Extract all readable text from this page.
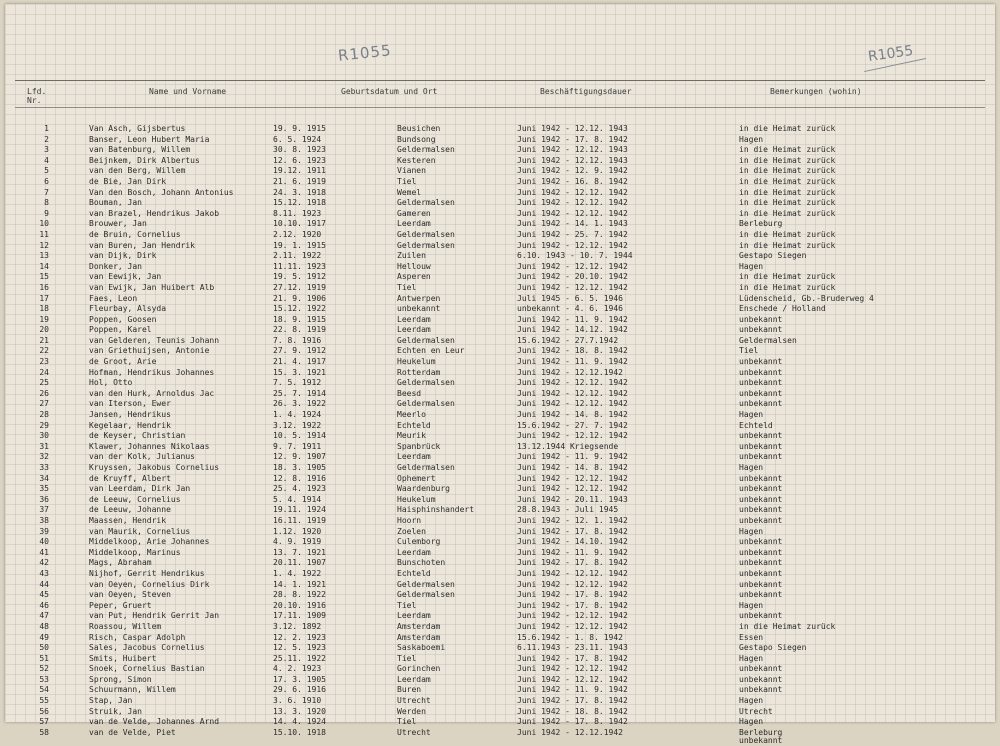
R1055	R1055
Lfd.
Nr.
Name und Vorname	Geburtsdatum und Ort	Beschäftigungsdauer	Bemerkungen (wohin)
1	Van Asch, Gijsbertus	19. 9. 1915	Beusichen	Juni 1942 - 12.12. 1943	in die Heimat zurück
2	Banser, Leon Hubert Maria	6. 5. 1924	Bundsong	Juni 1942 - 17. 8. 1942	Hagen
3	van Batenburg, Willem	30. 8. 1923	Geldermalsen	Juni 1942 - 12.12. 1943	in die Heimat zurück
4	Beijnkem, Dirk Albertus	12. 6. 1923	Kesteren	Juni 1942 - 12.12. 1943	in die Heimat zurück
5	van den Berg, Willem	19.12. 1911	Vianen	Juni 1942 - 12. 9. 1942	in die Heimat zurück
6	de Bie, Jan Dirk	21. 6. 1919	Tiel	Juni 1942 - 16. 8. 1942	in die Heimat zurück
7	Van den Bosch, Johann Antonius	24. 3. 1918	Wemel	Juni 1942 - 12.12. 1942	in die Heimat zurück
8	Bouman, Jan	15.12. 1918	Geldermalsen	Juni 1942 - 12.12. 1942	in die Heimat zurück
9	van Brazel, Hendrikus Jakob	8.11. 1923	Gameren	Juni 1942 - 12.12. 1942	in die Heimat zurück
10	Brouwer, Jan	10.10. 1917	Leerdam	Juni 1942 - 14. 1. 1943	Berleburg
11	de Bruin, Cornelius	2.12. 1920	Geldermalsen	Juni 1942 - 25. 7. 1942	in die Heimat zurück
12	van Buren, Jan Hendrik	19. 1. 1915	Geldermalsen	Juni 1942 - 12.12. 1942	in die Heimat zurück
13	van Dijk, Dirk	2.11. 1922	Zuilen	6.10. 1943 - 10. 7. 1944	Gestapo Siegen
14	Donker, Jan	11.11. 1923	Hellouw	Juni 1942 - 12.12. 1942	Hagen
15	van Eewijk, Jan	19. 5. 1912	Asperen	Juni 1942 - 20.10. 1942	in die Heimat zurück
16	van Ewijk, Jan Huibert Alb	27.12. 1919	Tiel	Juni 1942 - 12.12. 1942	in die Heimat zurück
17	Faes, Leon	21. 9. 1906	Antwerpen	Juli 1945 - 6. 5. 1946	Lüdenscheid, Gb.-Bruderweg 4
18	Fleurbay, Alsyda	15.12. 1922	unbekannt	unbekannt - 4. 6. 1946	Enschede / Holland
19	Poppen, Goosen	18. 9. 1915	Leerdam	Juni 1942 - 11. 9. 1942	unbekannt
20	Poppen, Karel	22. 8. 1919	Leerdam	Juni 1942 - 14.12. 1942	unbekannt
21	van Gelderen, Teunis Johann	7. 8. 1916	Geldermalsen	15.6.1942 - 27.7.1942	Geldermalsen
22	van Griethuijsen, Antonie	27. 9. 1912	Echten en Leur	Juni 1942 - 18. 8. 1942	Tiel
23	de Groot, Arie	21. 4. 1917	Heukelum	Juni 1942 - 11. 9. 1942	unbekannt
24	Hofman, Hendrikus Johannes	15. 3. 1921	Rotterdam	Juni 1942 - 12.12.1942	unbekannt
25	Hol, Otto	7. 5. 1912	Geldermalsen	Juni 1942 - 12.12. 1942	unbekannt
26	van den Hurk, Arnoldus Jac	25. 7. 1914	Beesd	Juni 1942 - 12.12. 1942	unbekannt
27	van Iterson, Ewer	26. 3. 1922	Geldermalsen	Juni 1942 - 12.12. 1942	unbekannt
28	Jansen, Hendrikus	1. 4. 1924	Meerlo	Juni 1942 - 14. 8. 1942	Hagen
29	Kegelaar, Hendrik	3.12. 1922	Echteld	15.6.1942 - 27. 7. 1942	Echteld
30	de Keyser, Christian	10. 5. 1914	Meurik	Juni 1942 - 12.12. 1942	unbekannt
31	Klawer, Johannes Nikolaas	9. 7. 1911	Spanbrück	13.12.1944 Kriegsende	unbekannt
32	van der Kolk, Julianus	12. 9. 1907	Leerdam	Juni 1942 - 11. 9. 1942	unbekannt
33	Kruyssen, Jakobus Cornelius	18. 3. 1905	Geldermalsen	Juni 1942 - 14. 8. 1942	Hagen
34	de Kruyff, Albert	12. 8. 1916	Ophemert	Juni 1942 - 12.12. 1942	unbekannt
35	van Leerdam, Dirk Jan	25. 4. 1923	Waardenburg	Juni 1942 - 12.12. 1942	unbekannt
36	de Leeuw, Cornelius	5. 4. 1914	Heukelum	Juni 1942 - 20.11. 1943	unbekannt
37	de Leeuw, Johanne	19.11. 1924	Haisphinshandert	28.8.1943 - Juli 1945	unbekannt
38	Maassen, Hendrik	16.11. 1919	Hoorn	Juni 1942 - 12. 1. 1942	unbekannt
39	van Maurik, Cornelius	1.12. 1920	Zoelen	Juni 1942 - 17. 8. 1942	Hagen
40	Middelkoop, Arie Johannes	4. 9. 1919	Culemborg	Juni 1942 - 14.10. 1942	unbekannt
41	Middelkoop, Marinus	13. 7. 1921	Leerdam	Juni 1942 - 11. 9. 1942	unbekannt
42	Mags, Abraham	20.11. 1907	Bunschoten	Juni 1942 - 17. 8. 1942	unbekannt
43	Nijhof, Gerrit Hendrikus	1. 4. 1922	Echteld	Juni 1942 - 12.12. 1942	unbekannt
44	van Oeyen, Cornelius Dirk	14. 1. 1921	Geldermalsen	Juni 1942 - 12.12. 1942	unbekannt
45	van Oeyen, Steven	28. 8. 1922	Geldermalsen	Juni 1942 - 17. 8. 1942	unbekannt
46	Peper, Gruert	20.10. 1916	Tiel	Juni 1942 - 17. 8. 1942	Hagen
47	van Put, Hendrik Gerrit Jan	17.11. 1909	Leerdam	Juni 1942 - 12.12. 1942	unbekannt
48	Roassou, Willem	3.12. 1892	Amsterdam	Juni 1942 - 12.12. 1942	in die Heimat zurück
49	Risch, Caspar Adolph	12. 2. 1923	Amsterdam	15.6.1942 - 1. 8. 1942	Essen
50	Sales, Jacobus Cornelius	12. 5. 1923	Saskaboemi	6.11.1943 - 23.11. 1943	Gestapo Siegen
51	Smits, Huibert	25.11. 1922	Tiel	Juni 1942 - 17. 8. 1942	Hagen
52	Snoek, Cornelius Bastian	4. 2. 1923	Gorinchen	Juni 1942 - 12.12. 1942	unbekannt
53	Sprong, Simon	17. 3. 1905	Leerdam	Juni 1942 - 12.12. 1942	unbekannt
54	Schuurmann, Willem	29. 6. 1916	Buren	Juni 1942 - 11. 9. 1942	unbekannt
55	Stap, Jan	3. 6. 1910	Utrecht	Juni 1942 - 17. 8. 1942	Hagen
56	Struik, Jan	13. 3. 1920	Werden	Juni 1942 - 18. 8. 1942	Utrecht
57	van de Velde, Johannes Arnd	14. 4. 1924	Tiel	Juni 1942 - 17. 8. 1942	Hagen
58	van de Velde, Piet	15.10. 1918	Utrecht	Juni 1942 - 12.12.1942	Berleburg
unbekannt
